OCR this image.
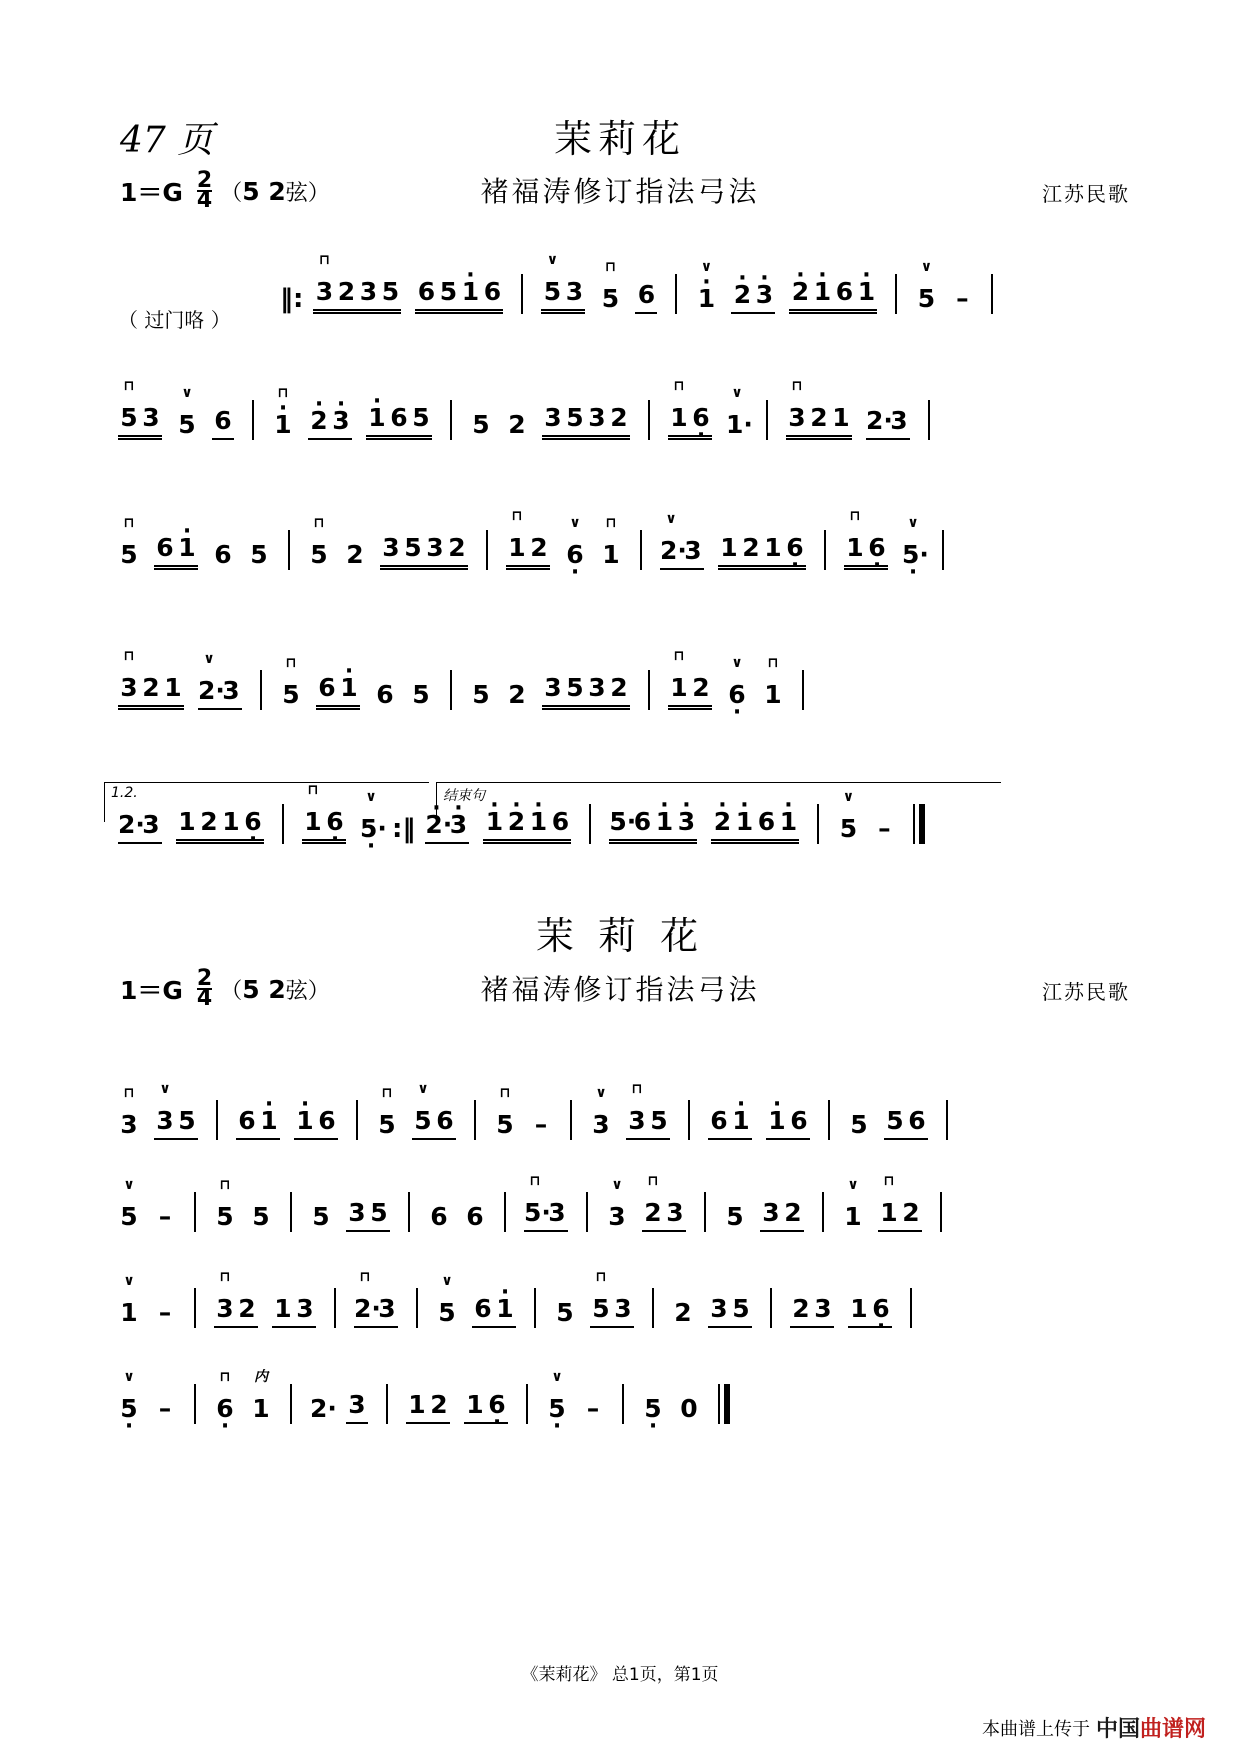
47 页	茉莉花
$1=G \frac{2}{4} (5$ 2弦）	褚福涛修订指法弓法	江苏民歌
（ 过门咯 ）
‖:
⊓
3 2 3 5 6 5 · 1 6
∨
5 3
⊓
5 6
· ∨
1 · 2 · 3 · 2 · 1 6 · 1
∨
5 –
⊓
5 3
∨
5 6
· ⊓
1 · 2 · 3 · 1 6 5 5 2 3 5 3 2
⊓
1 6 ·
∨
1·
⊓
3 2 1 2·
3
⊓
5 6 · 1 6 5
⊓
5 2 3 5 3 2
⊓
1 2
∨
6 ·
⊓
1
∨
2·
3 1 2 1 6 ·
⊓
1 6 ·
∨
5· ·
⊓
3 2 1
∨
2·
3
⊓
5 6 · 1 6 5 5 2 3 5 3 2
⊓
1 2
∨
6 ·
⊓
1
1.2.	结束句
2·
3 1 2 1 6 ·
⊓
1 6 ·
∨
5· · :‖ · 2·
· 3 · 1 · 2 · 1 6 5·
6 · 1 · 3 · 2 · 1 6 · 1
∨
5 –
茉 莉 花
$1=G \frac{2}{4} (5$ 2弦）	褚福涛修订指法弓法	江苏民歌
⊓
3
∨
3 5 6 · 1 · 1 6
⊓
5
∨
5 6
⊓
5 –
∨
3
⊓
3 5 6 · 1 · 1 6 5 5 6
∨
5 –
⊓
5 5 5 3 5 6 6
⊓
5·
3
∨
3
⊓
2 3 5 3 2
∨
1
⊓
1 2
∨
1 –
⊓
3 2 1 3
⊓
2·
3
∨
5 6 · 1 5
⊓
5 3 2 3 5 2 3 1 6 ·
∨
5 · –
⊓
6 ·
内
1 2· 3 1 2 1 6 ·
∨
5 · – 5 · 0
《茉莉花》 总1页，第1页
本曲谱上传于 中国曲谱网
